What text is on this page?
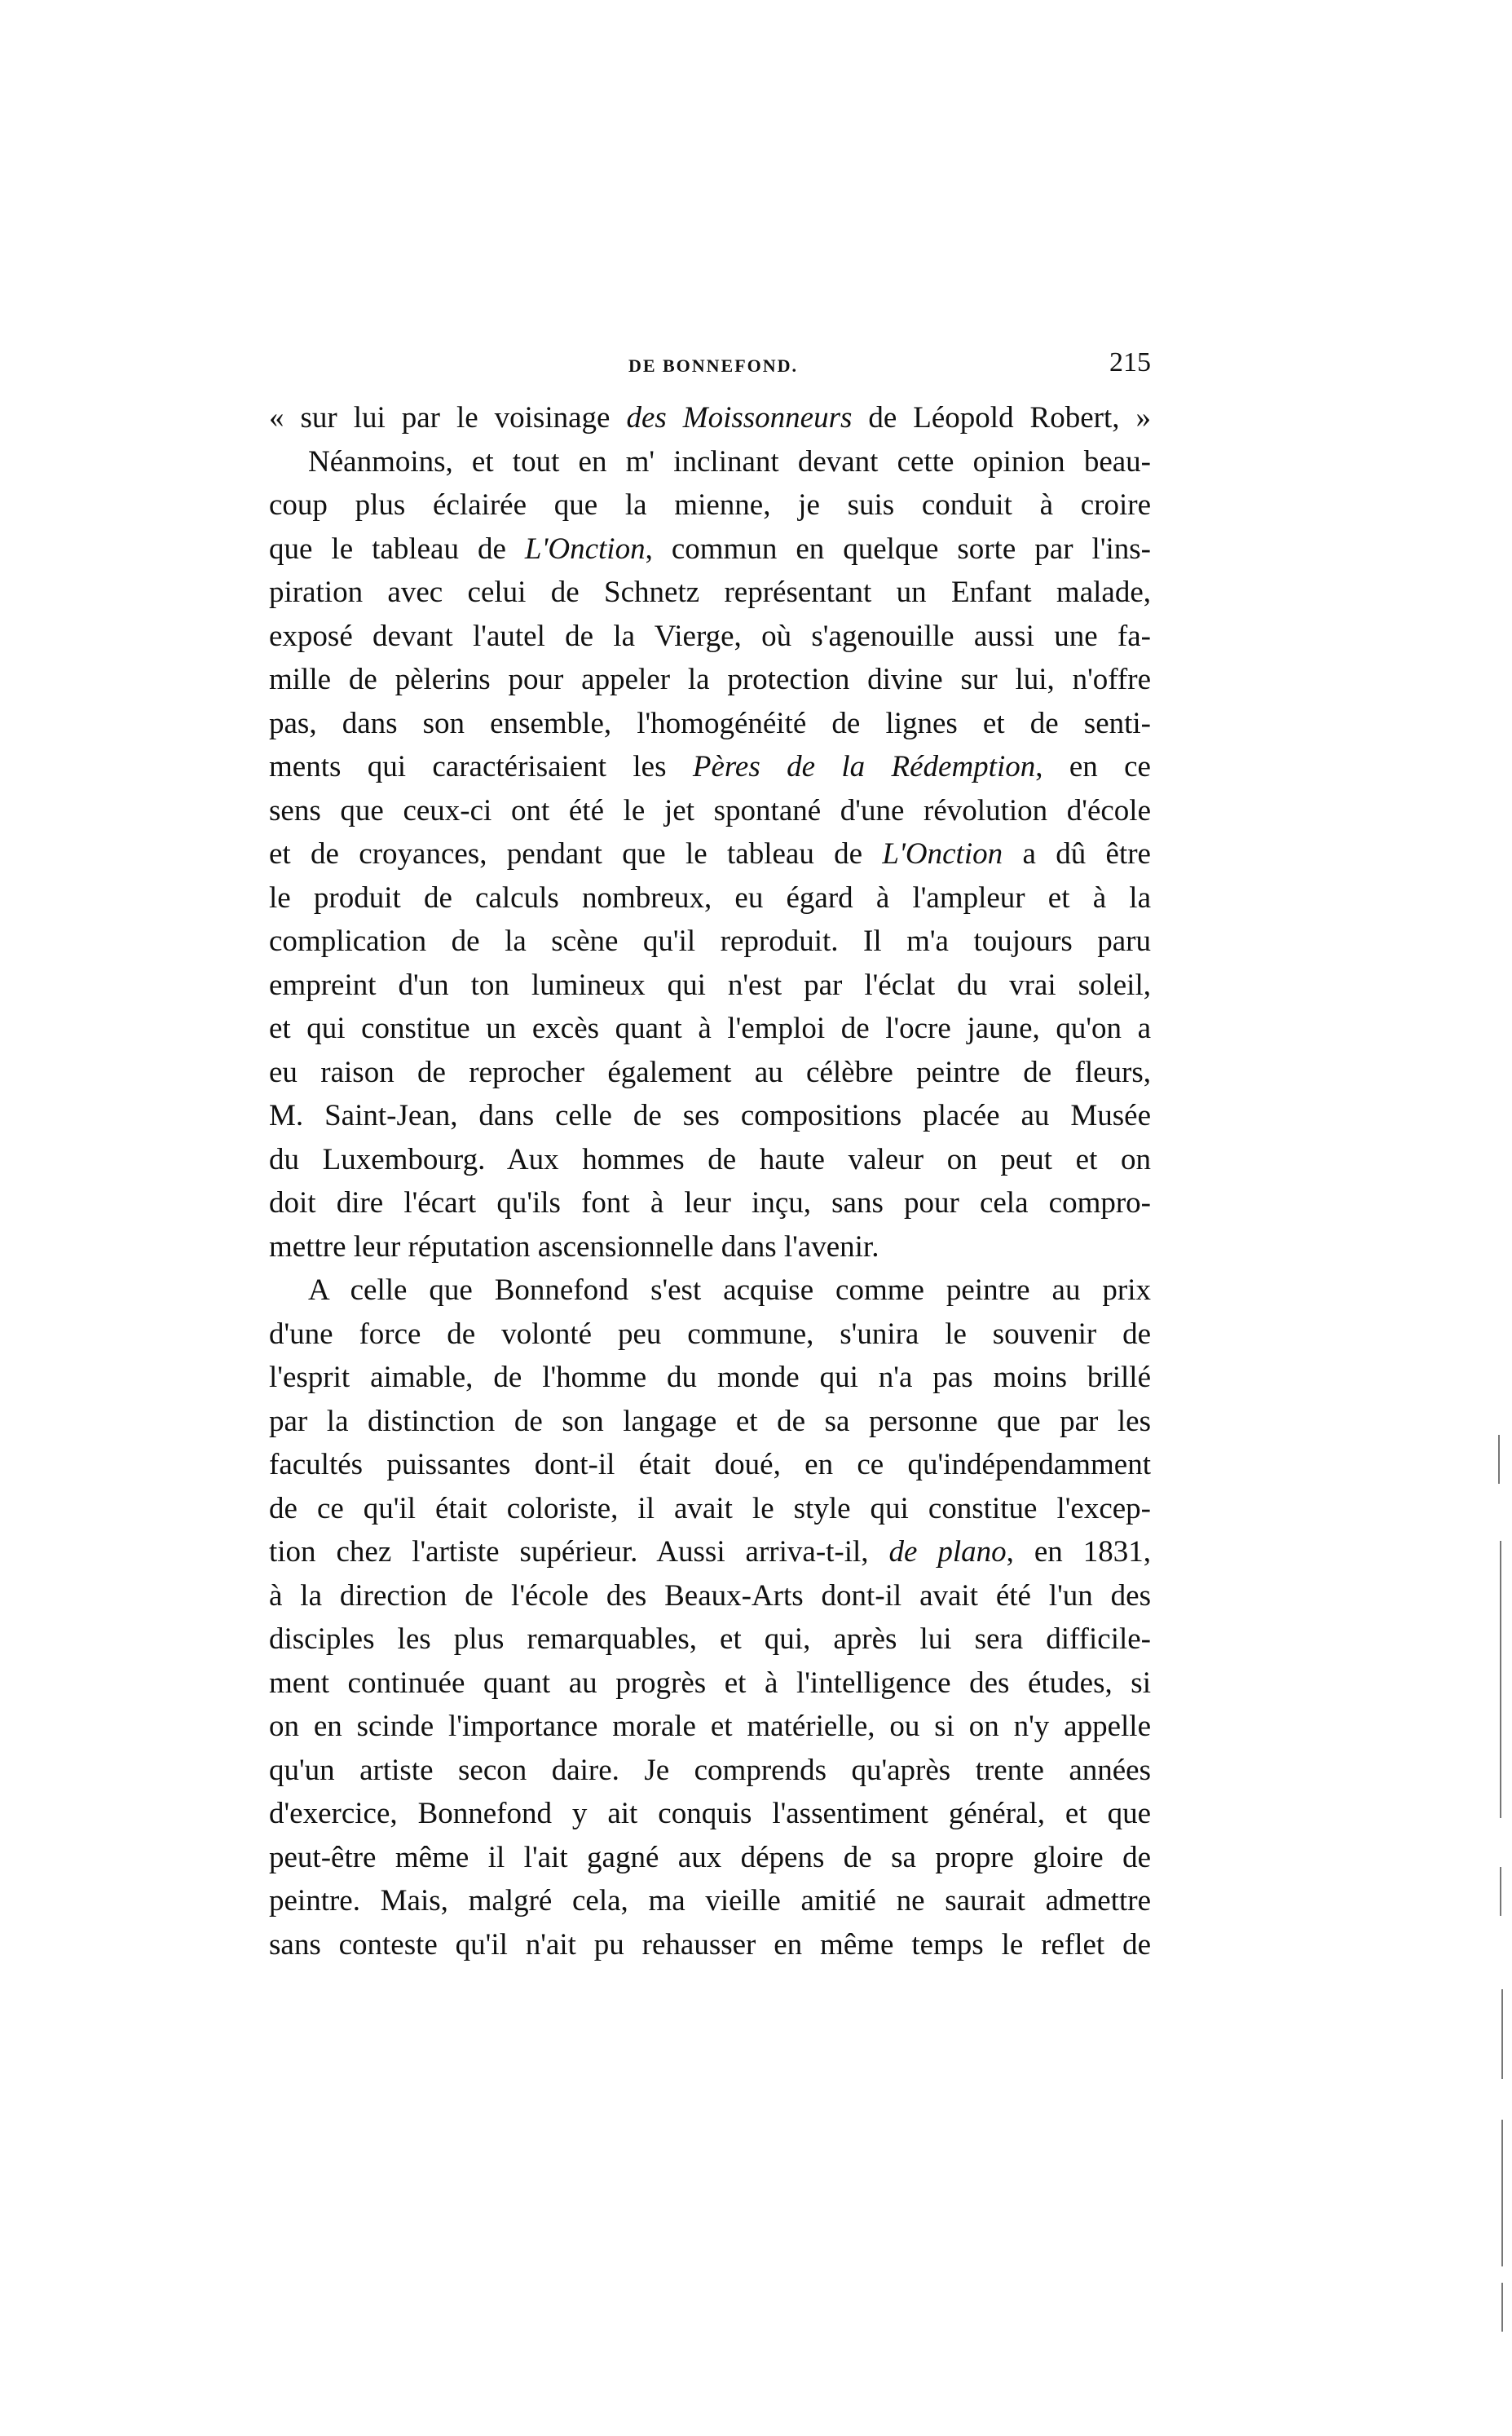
DE BONNEFOND.	215
« sur lui par le voisinage des Moissonneurs de Léopold Robert, »
Néanmoins, et tout en m' inclinant devant cette opinion beau-
coup plus éclairée que la mienne, je suis conduit à croire
que le tableau de L'Onction, commun en quelque sorte par l'ins-
piration avec celui de Schnetz représentant un Enfant malade,
exposé devant l'autel de la Vierge, où s'agenouille aussi une fa-
mille de pèlerins pour appeler la protection divine sur lui, n'offre
pas, dans son ensemble, l'homogénéité de lignes et de senti-
ments qui caractérisaient les Pères de la Rédemption, en ce
sens que ceux-ci ont été le jet spontané d'une révolution d'école
et de croyances, pendant que le tableau de L'Onction a dû être
le produit de calculs nombreux, eu égard à l'ampleur et à la
complication de la scène qu'il reproduit. Il m'a toujours paru
empreint d'un ton lumineux qui n'est par l'éclat du vrai soleil,
et qui constitue un excès quant à l'emploi de l'ocre jaune, qu'on a
eu raison de reprocher également au célèbre peintre de fleurs,
M. Saint-Jean, dans celle de ses compositions placée au Musée
du Luxembourg. Aux hommes de haute valeur on peut et on
doit dire l'écart qu'ils font à leur inçu, sans pour cela compro-
mettre leur réputation ascensionnelle dans l'avenir.
A celle que Bonnefond s'est acquise comme peintre au prix
d'une force de volonté peu commune, s'unira le souvenir de
l'esprit aimable, de l'homme du monde qui n'a pas moins brillé
par la distinction de son langage et de sa personne que par les
facultés puissantes dont-il était doué, en ce qu'indépendamment
de ce qu'il était coloriste, il avait le style qui constitue l'excep-
tion chez l'artiste supérieur. Aussi arriva-t-il, de plano, en 1831,
à la direction de l'école des Beaux-Arts dont-il avait été l'un des
disciples les plus remarquables, et qui, après lui sera difficile-
ment continuée quant au progrès et à l'intelligence des études, si
on en scinde l'importance morale et matérielle, ou si on n'y appelle
qu'un artiste secon daire. Je comprends qu'après trente années
d'exercice, Bonnefond y ait conquis l'assentiment général, et que
peut-être même il l'ait gagné aux dépens de sa propre gloire de
peintre. Mais, malgré cela, ma vieille amitié ne saurait admettre
sans conteste qu'il n'ait pu rehausser en même temps le reflet de
